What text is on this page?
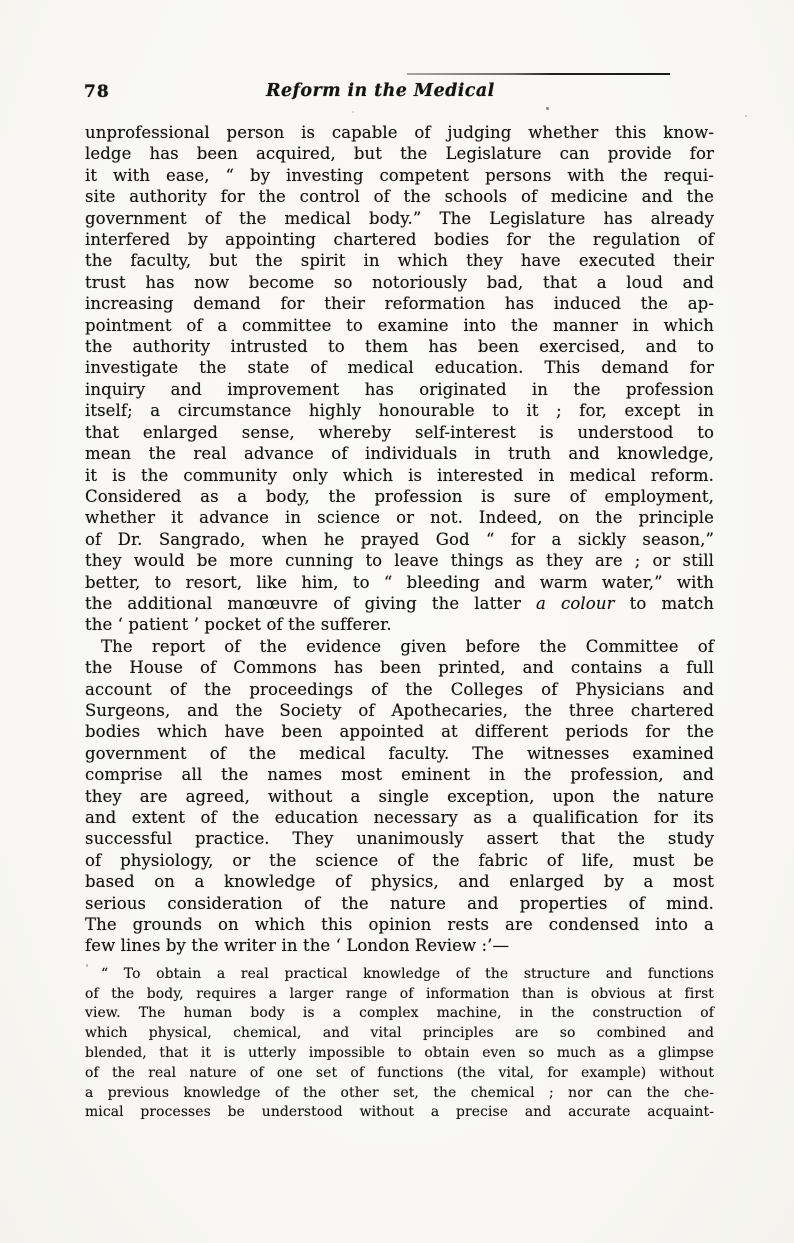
78	Reform in the Medical
unprofessional person is capable of judging whether this know-
ledge has been acquired, but the Legislature can provide for
it with ease, “ by investing competent persons with the requi-
site authority for the control of the schools of medicine and the
government of the medical body.” The Legislature has already
interfered by appointing chartered bodies for the regulation of
the faculty, but the spirit in which they have executed their
trust has now become so notoriously bad, that a loud and
increasing demand for their reformation has induced the ap-
pointment of a committee to examine into the manner in which
the authority intrusted to them has been exercised, and to
investigate the state of medical education. This demand for
inquiry and improvement has originated in the profession
itself; a circumstance highly honourable to it ; for, except in
that enlarged sense, whereby self-interest is understood to
mean the real advance of individuals in truth and knowledge,
it is the community only which is interested in medical reform.
Considered as a body, the profession is sure of employment,
whether it advance in science or not. Indeed, on the principle
of Dr. Sangrado, when he prayed God “ for a sickly season,”
they would be more cunning to leave things as they are ; or still
better, to resort, like him, to “ bleeding and warm water,” with
the additional manœuvre of giving the latter a colour to match
the ‘ patient ’ pocket of the sufferer.
The report of the evidence given before the Committee of
the House of Commons has been printed, and contains a full
account of the proceedings of the Colleges of Physicians and
Surgeons, and the Society of Apothecaries, the three chartered
bodies which have been appointed at different periods for the
government of the medical faculty. The witnesses examined
comprise all the names most eminent in the profession, and
they are agreed, without a single exception, upon the nature
and extent of the education necessary as a qualification for its
successful practice. They unanimously assert that the study
of physiology, or the science of the fabric of life, must be
based on a knowledge of physics, and enlarged by a most
serious consideration of the nature and properties of mind.
The grounds on which this opinion rests are condensed into a
few lines by the writer in the ‘ London Review :’—
“ To obtain a real practical knowledge of the structure and functions
of the body, requires a larger range of information than is obvious at first
view. The human body is a complex machine, in the construction of
which physical, chemical, and vital principles are so combined and
blended, that it is utterly impossible to obtain even so much as a glimpse
of the real nature of one set of functions (the vital, for example) without
a previous knowledge of the other set, the chemical ; nor can the che-
mical processes be understood without a precise and accurate acquaint-
